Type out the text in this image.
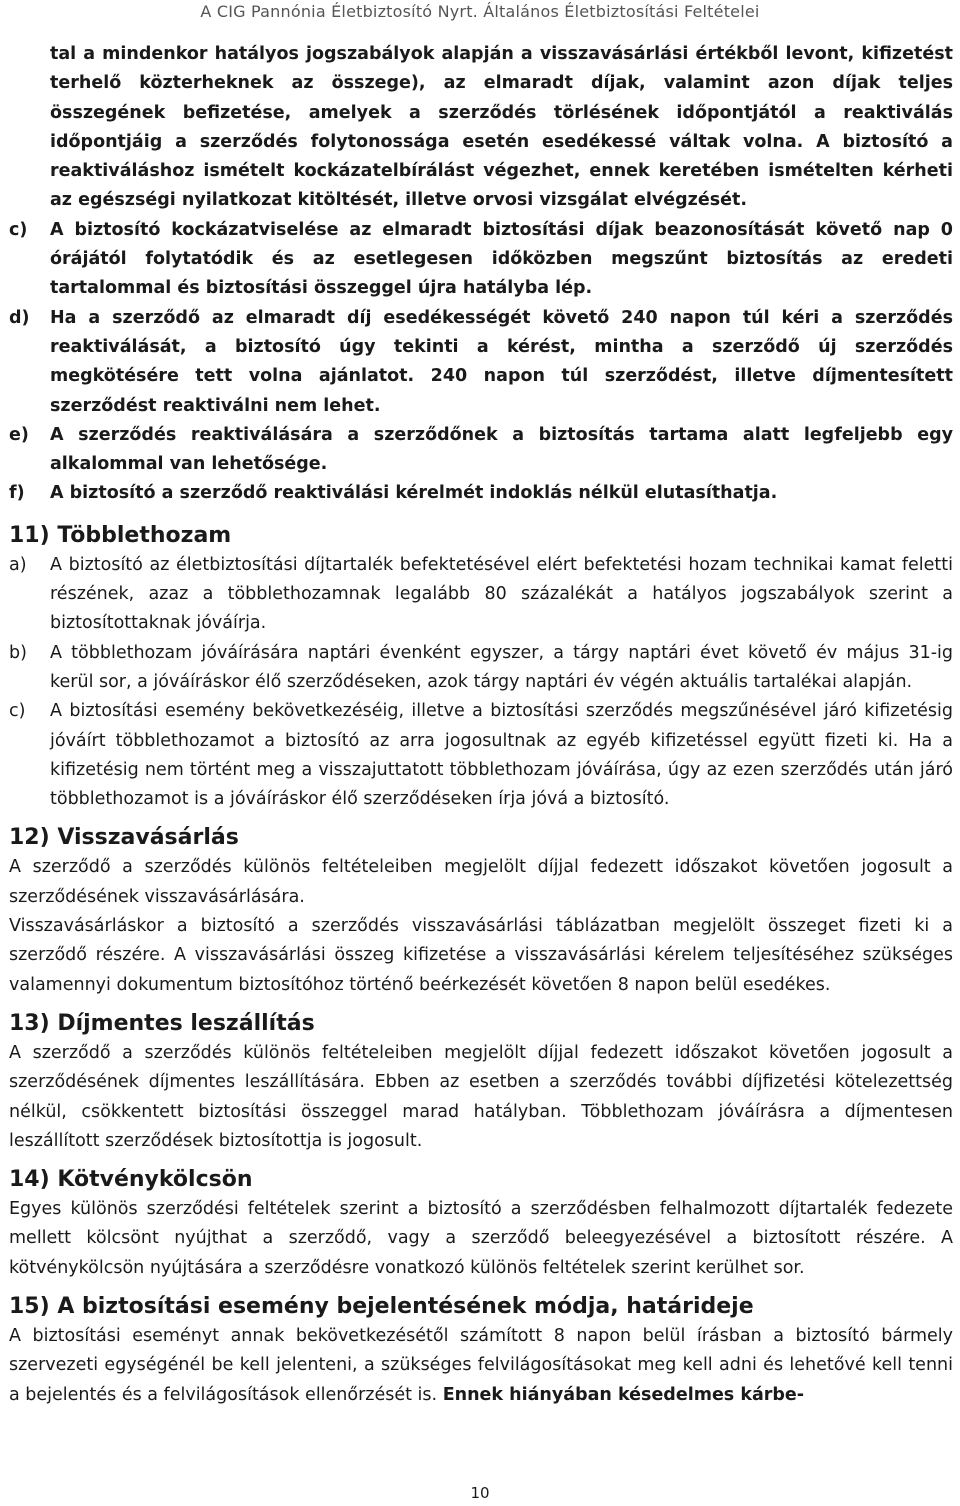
A CIG Pannónia Életbiztosító Nyrt. Általános Életbiztosítási Feltételei

tal a mindenkor hatályos jogszabályok alapján a visszavásárlási értékből levont, kifizetést terhelő közterheknek az összege), az elmaradt díjak, valamint azon díjak teljes összegének befizetése, amelyek a szerződés törlésének időpontjától a reaktiválás időpontjáig a szerződés folytonossága esetén esedékessé váltak volna. A biztosító a reaktiváláshoz ismételt kockázatelbírálást végezhet, ennek keretében ismételten kérheti az egészségi nyilatkozat kitöltését, illetve orvosi vizsgálat elvégzését.

c)	A biztosító kockázatviselése az elmaradt biztosítási díjak beazonosítását követő nap 0 órájától folytatódik és az esetlegesen időközben megszűnt biztosítás az eredeti tartalommal és biztosítási összeggel újra hatályba lép.
d)	Ha a szerződő az elmaradt díj esedékességét követő 240 napon túl kéri a szerződés reaktiválását, a biztosító úgy tekinti a kérést, mintha a szerződő új szerződés megkötésére tett volna ajánlatot. 240 napon túl szerződést, illetve díjmentesített szerződést reaktiválni nem lehet.
e)	A szerződés reaktiválására a szerződőnek a biztosítás tartama alatt legfeljebb egy alkalommal van lehetősége.
f)	A biztosító a szerződő reaktiválási kérelmét indoklás nélkül elutasíthatja.
11) Többlethozam
a)	A biztosító az életbiztosítási díjtartalék befektetésével elért befektetési hozam technikai kamat feletti részének, azaz a többlethozamnak legalább 80 százalékát a hatályos jogszabályok szerint a biztosítottaknak jóváírja.
b)	A többlethozam jóváírására naptári évenként egyszer, a tárgy naptári évet követő év május 31-ig kerül sor, a jóváíráskor élő szerződéseken, azok tárgy naptári év végén aktuális tartalékai alapján.
c)	A biztosítási esemény bekövetkezéséig, illetve a biztosítási szerződés megszűnésével járó kifizetésig jóváírt többlethozamot a biztosító az arra jogosultnak az egyéb kifizetéssel együtt fizeti ki. Ha a kifizetésig nem történt meg a visszajuttatott többlethozam jóváírása, úgy az ezen szerződés után járó többlethozamot is a jóváíráskor élő szerződéseken írja jóvá a biztosító.
12) Visszavásárlás

A szerződő a szerződés különös feltételeiben megjelölt díjjal fedezett időszakot követően jogosult a szerződésének visszavásárlására.

Visszavásárláskor a biztosító a szerződés visszavásárlási táblázatban megjelölt összeget fizeti ki a szerződő részére. A visszavásárlási összeg kifizetése a visszavásárlási kérelem teljesítéséhez szükséges valamennyi dokumentum biztosítóhoz történő beérkezését követően 8 napon belül esedékes.

13) Díjmentes leszállítás

A szerződő a szerződés különös feltételeiben megjelölt díjjal fedezett időszakot követően jogosult a szerződésének díjmentes leszállítására. Ebben az esetben a szerződés további díjfizetési kötelezettség nélkül, csökkentett biztosítási összeggel marad hatályban. Többlethozam jóváírásra a díjmentesen leszállított szerződések biztosítottja is jogosult.

14) Kötvénykölcsön

Egyes különös szerződési feltételek szerint a biztosító a szerződésben felhalmozott díjtartalék fedezete mellett kölcsönt nyújthat a szerződő, vagy a szerződő beleegyezésével a biztosított részére. A kötvénykölcsön nyújtására a szerződésre vonatkozó különös feltételek szerint kerülhet sor.

15) A biztosítási esemény bejelentésének módja, határideje

A biztosítási eseményt annak bekövetkezésétől számított 8 napon belül írásban a biztosító bármely szervezeti egységénél be kell jelenteni, a szükséges felvilágosításokat meg kell adni és lehetővé kell tenni a bejelentés és a felvilágosítások ellenőrzését is. Ennek hiányában késedelmes kárbe-

10
